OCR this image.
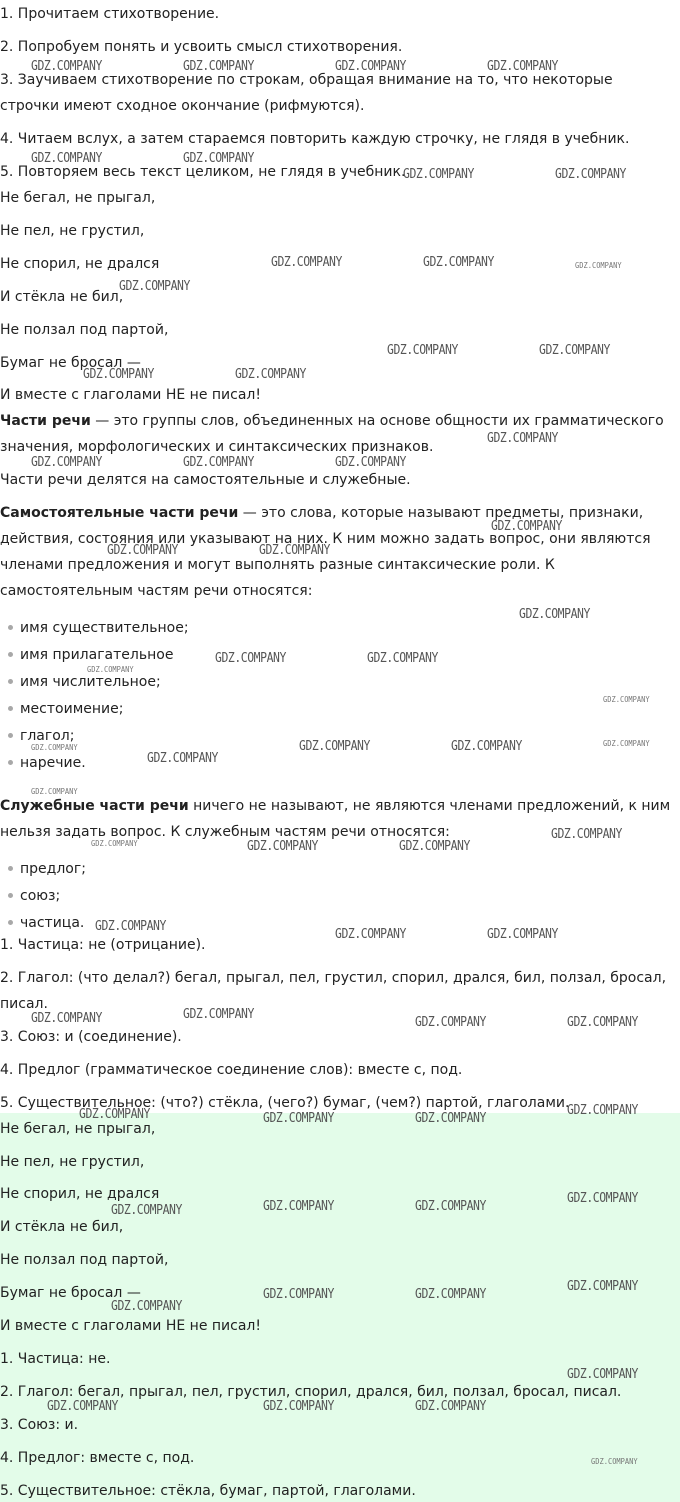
1. Прочитаем стихотворение.
2. Попробуем понять и усвоить смысл стихотворения.
3. Заучиваем стихотворение по строкам, обращая внимание на то, что некоторые
строчки имеют сходное окончание (рифмуются).
4. Читаем вслух, а затем стараемся повторить каждую строчку, не глядя в учебник.
5. Повторяем весь текст целиком, не глядя в учебник.
Не бегал, не прыгал,
Не пел, не грустил,
Не спорил, не дрался
И стёкла не бил,
Не ползал под партой,
Бумаг не бросал —
И вместе с глаголами НЕ не писал!
Части речи — это группы слов, объединенных на основе общности их грамматического
значения, морфологических и синтаксических признаков.
Части речи делятся на самостоятельные и служебные.
Самостоятельные части речи — это слова, которые называют предметы, признаки,
действия, состояния или указывают на них. К ним можно задать вопрос, они являются
членами предложения и могут выполнять разные синтаксические роли. К
самостоятельным частям речи относятся:
имя существительное;
имя прилагательное
имя числительное;
местоимение;
глагол;
наречие.
Служебные части речи ничего не называют, не являются членами предложений, к ним
нельзя задать вопрос. К служебным частям речи относятся:
предлог;
союз;
частица.
1. Частица: не (отрицание).
2. Глагол: (что делал?) бегал, прыгал, пел, грустил, спорил, дрался, бил, ползал, бросал,
писал.
3. Союз: и (соединение).
4. Предлог (грамматическое соединение слов): вместе с, под.
5. Существительное: (что?) стёкла, (чего?) бумаг, (чем?) партой, глаголами.
Не бегал, не прыгал,
Не пел, не грустил,
Не спорил, не дрался
И стёкла не бил,
Не ползал под партой,
Бумаг не бросал —
И вместе с глаголами НЕ не писал!
1. Частица: не.
2. Глагол: бегал, прыгал, пел, грустил, спорил, дрался, бил, ползал, бросал, писал.
3. Союз: и.
4. Предлог: вместе с, под.
5. Существительное: стёкла, бумаг, партой, глаголами.
GDZ.COMPANY	GDZ.COMPANY	GDZ.COMPANY	GDZ.COMPANY
GDZ.COMPANY	GDZ.COMPANY
GDZ.COMPANY	GDZ.COMPANY
GDZ.COMPANY	GDZ.COMPANY	GDZ.COMPANY
GDZ.COMPANY
GDZ.COMPANY	GDZ.COMPANY
GDZ.COMPANY	GDZ.COMPANY
GDZ.COMPANY
GDZ.COMPANY	GDZ.COMPANY	GDZ.COMPANY
GDZ.COMPANY
GDZ.COMPANY	GDZ.COMPANY
GDZ.COMPANY
GDZ.COMPANY	GDZ.COMPANY
GDZ.COMPANY
GDZ.COMPANY
GDZ.COMPANY	GDZ.COMPANY	GDZ.COMPANY	GDZ.COMPANY
GDZ.COMPANY
GDZ.COMPANY
GDZ.COMPANY
GDZ.COMPANY	GDZ.COMPANY	GDZ.COMPANY
GDZ.COMPANY
GDZ.COMPANY	GDZ.COMPANY
GDZ.COMPANY
GDZ.COMPANY	GDZ.COMPANY	GDZ.COMPANY
GDZ.COMPANY	GDZ.COMPANY
GDZ.COMPANY	GDZ.COMPANY
GDZ.COMPANY
GDZ.COMPANY	GDZ.COMPANY
GDZ.COMPANY
GDZ.COMPANY
GDZ.COMPANY	GDZ.COMPANY
GDZ.COMPANY
GDZ.COMPANY
GDZ.COMPANY	GDZ.COMPANY	GDZ.COMPANY
GDZ.COMPANY
